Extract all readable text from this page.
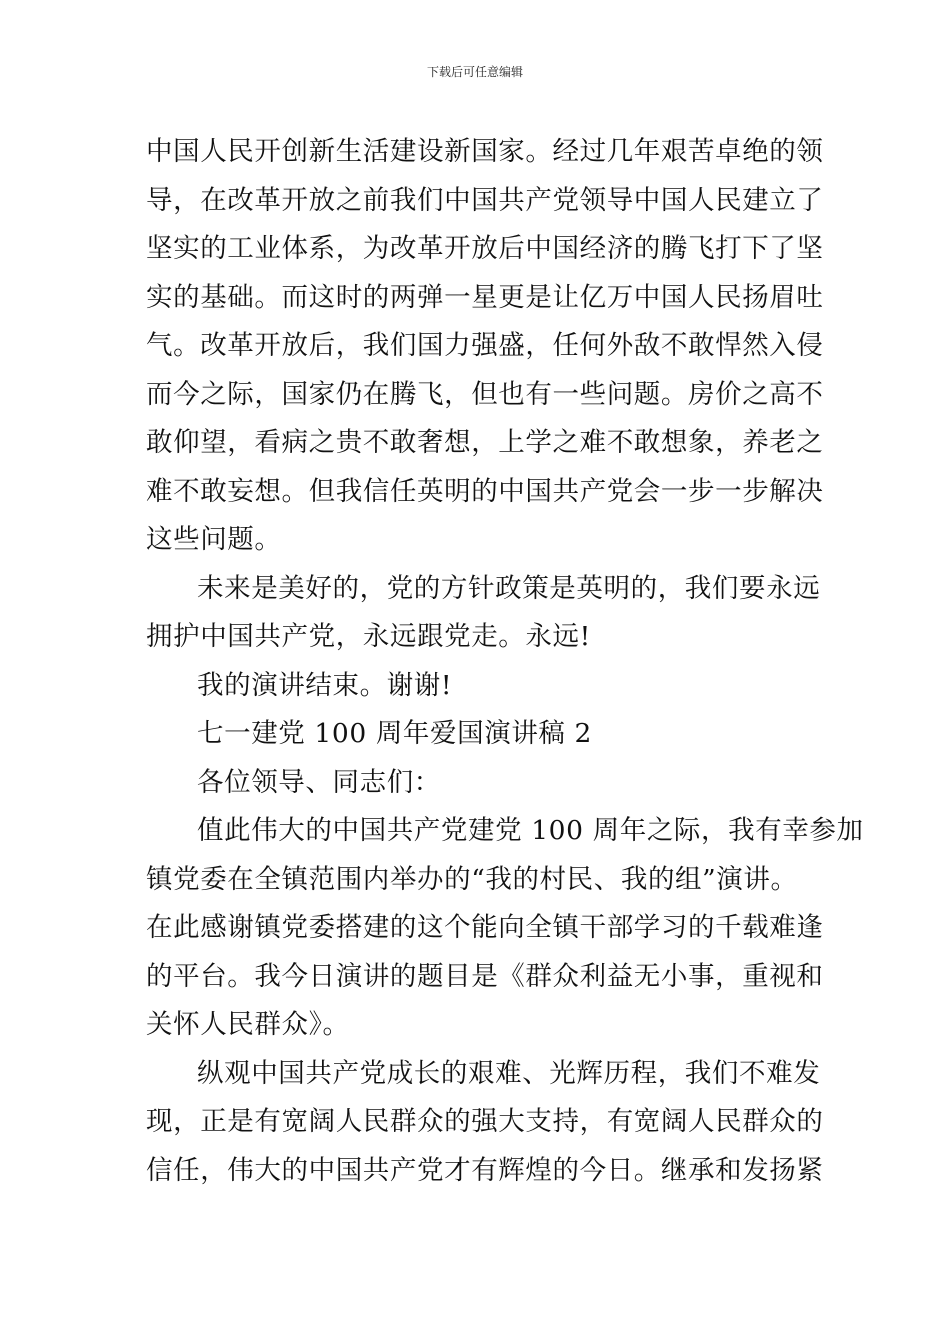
下载后可任意编辑
中国人民开创新生活建设新国家。经过几年艰苦卓绝的领
导，在改革开放之前我们中国共产党领导中国人民建立了
坚实的工业体系，为改革开放后中国经济的腾飞打下了坚
实的基础。而这时的两弹一星更是让亿万中国人民扬眉吐
气。改革开放后，我们国力强盛，任何外敌不敢悍然入侵
而今之际，国家仍在腾飞，但也有一些问题。房价之高不
敢仰望，看病之贵不敢奢想，上学之难不敢想象，养老之
难不敢妄想。但我信任英明的中国共产党会一步一步解决
这些问题。
未来是美好的，党的方针政策是英明的，我们要永远
拥护中国共产党，永远跟党走。永远!
我的演讲结束。谢谢!
七一建党 100 周年爱国演讲稿 2
各位领导、同志们：
值此伟大的中国共产党建党 100 周年之际，我有幸参加
镇党委在全镇范围内举办的“我的村民、我的组”演讲。
在此感谢镇党委搭建的这个能向全镇干部学习的千载难逢
的平台。我今日演讲的题目是《群众利益无小事，重视和
关怀人民群众》。
纵观中国共产党成长的艰难、光辉历程，我们不难发
现，正是有宽阔人民群众的强大支持，有宽阔人民群众的
信任，伟大的中国共产党才有辉煌的今日。继承和发扬紧
